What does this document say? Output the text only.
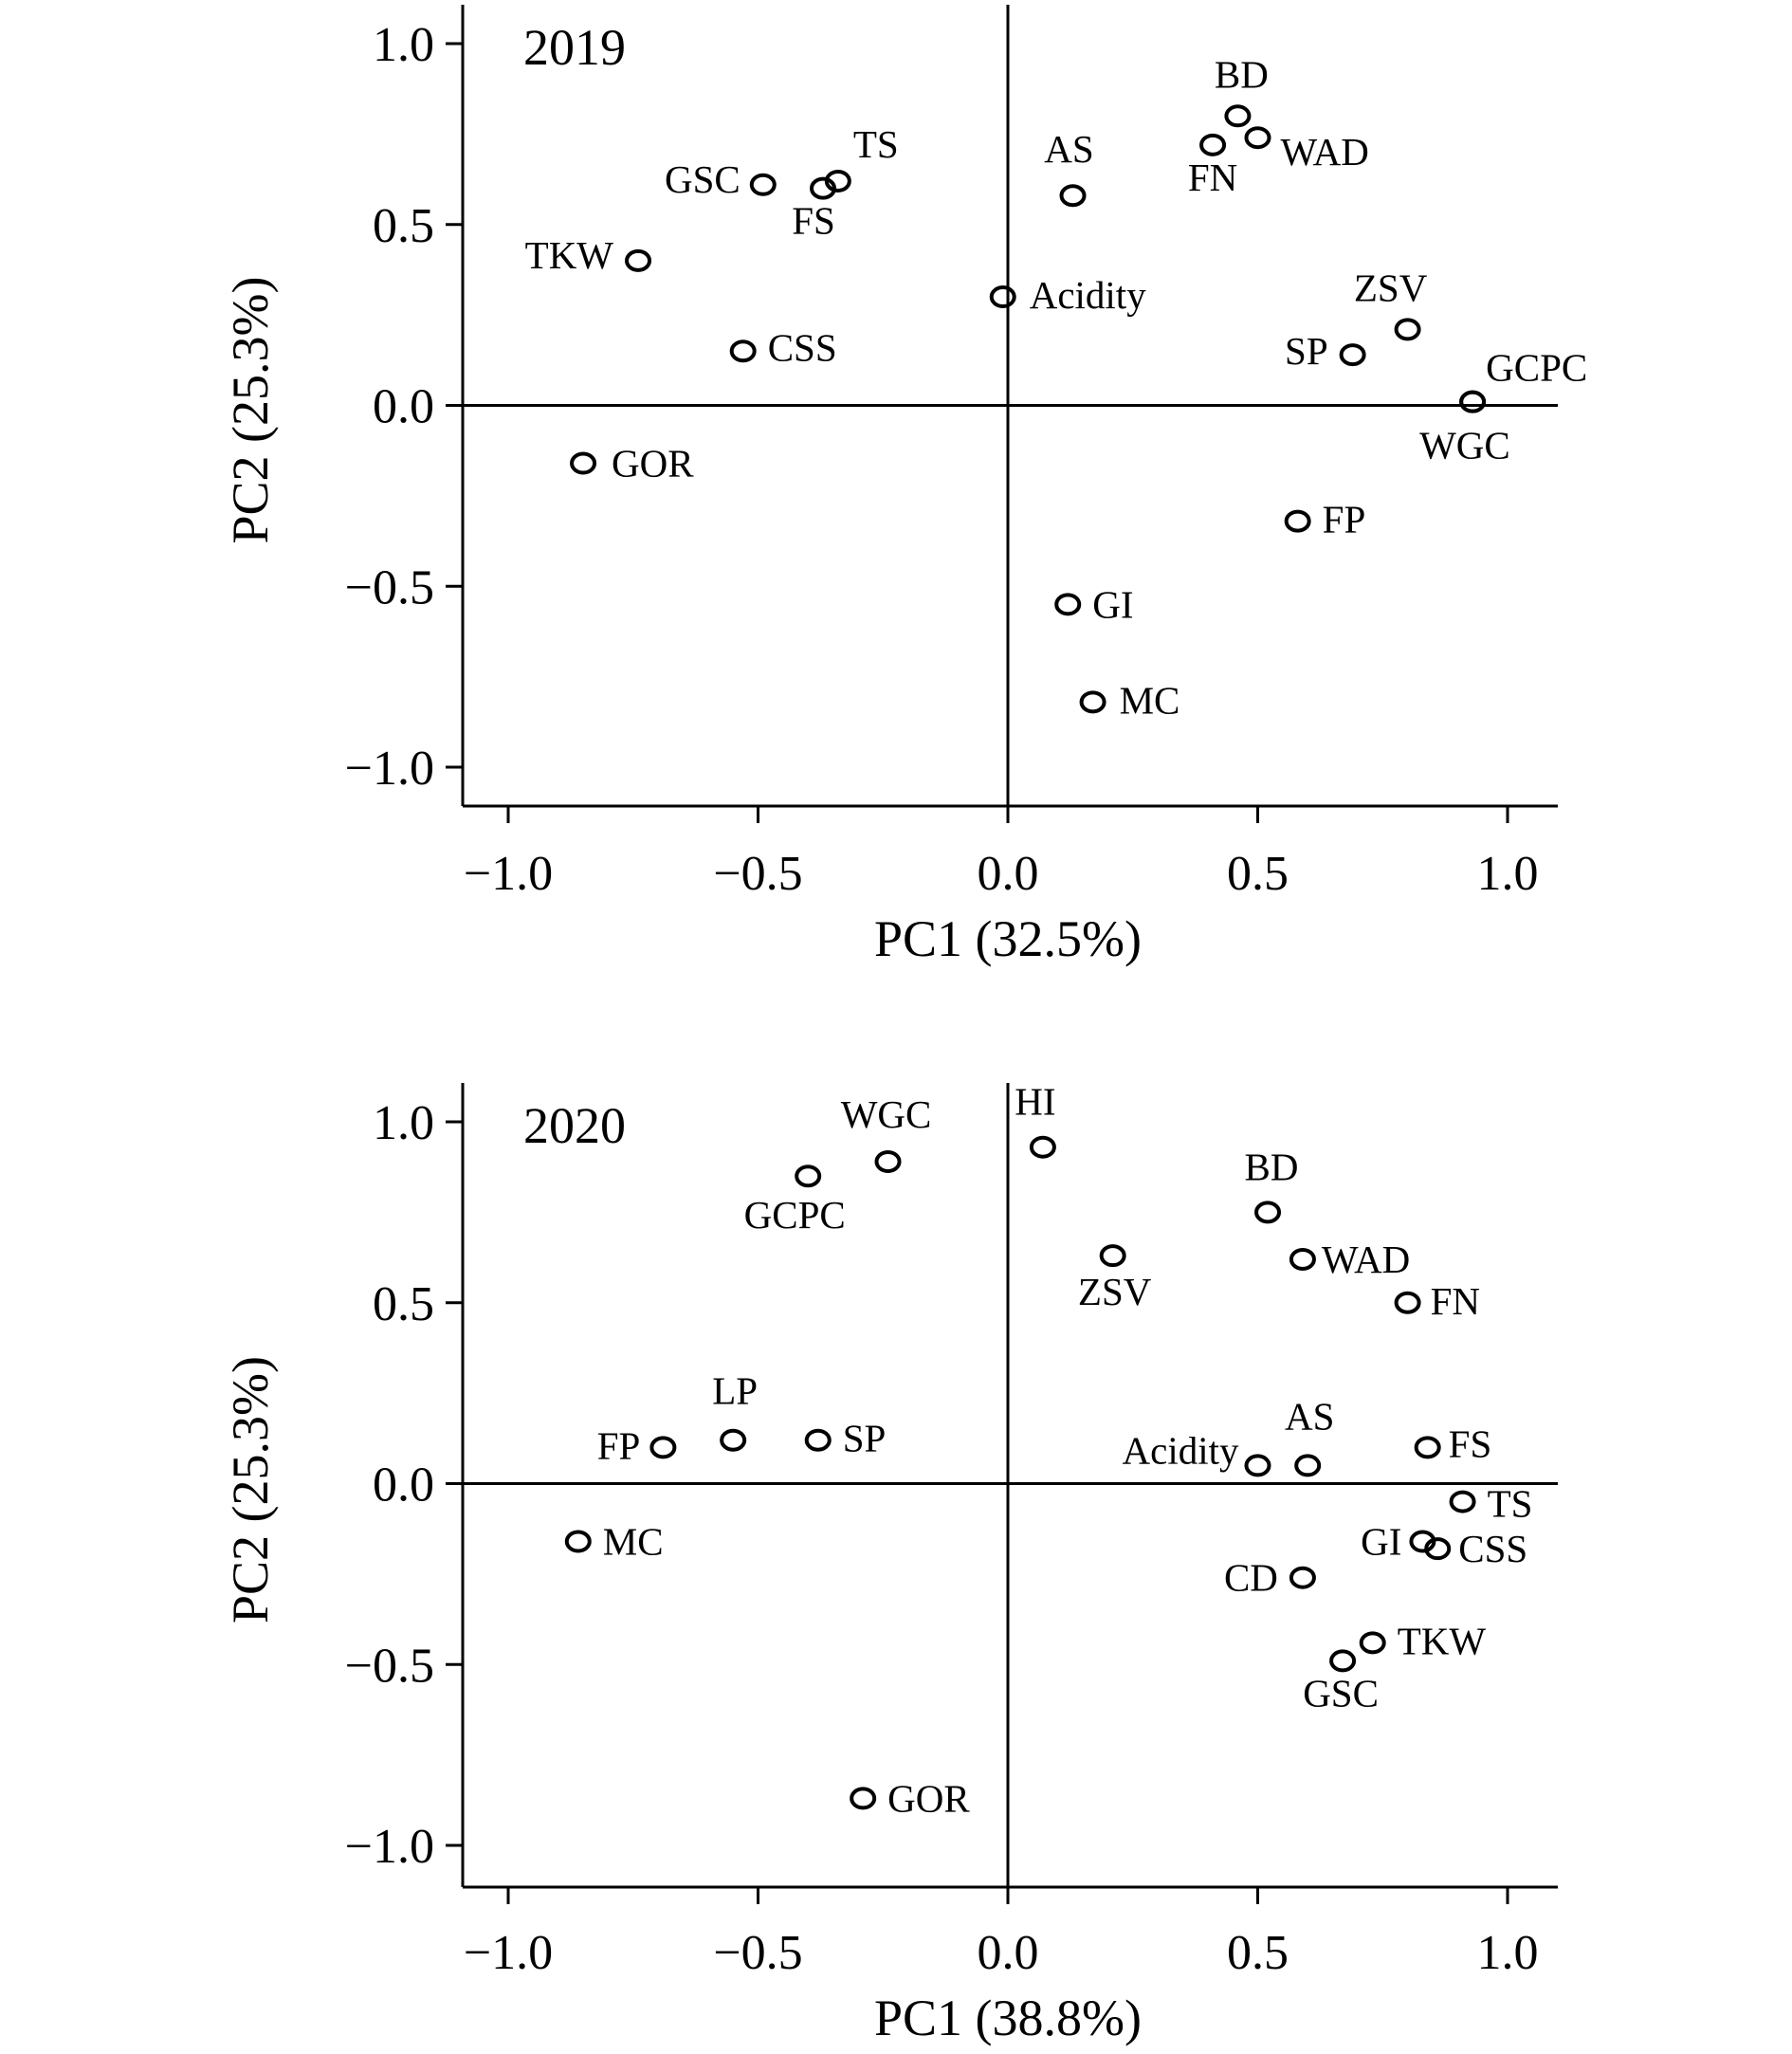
1.0
0.5
0.0
−0.5
−1.0
−1.0	−0.5	0.0	0.5	1.0
PC1 (32.5%)
PC2 (25.3%)
2019
GSC
TS
FS
TKW
CSS
GOR
AS
Acidity
BD
FN
WAD
ZSV
SP	GCPC
WGC
FP
GI
MC
1.0
0.5
0.0
−0.5
−1.0
−1.0	−0.5	0.0	0.5	1.0
PC1 (38.8%)
PC2 (25.3%)
2020	WGC
GCPC
HI
BD
ZSV
WAD
FN
LP
FP	SP
MC
Acidity
AS
FS
TS
GI CSS
CD
TKW
GSC
GOR
